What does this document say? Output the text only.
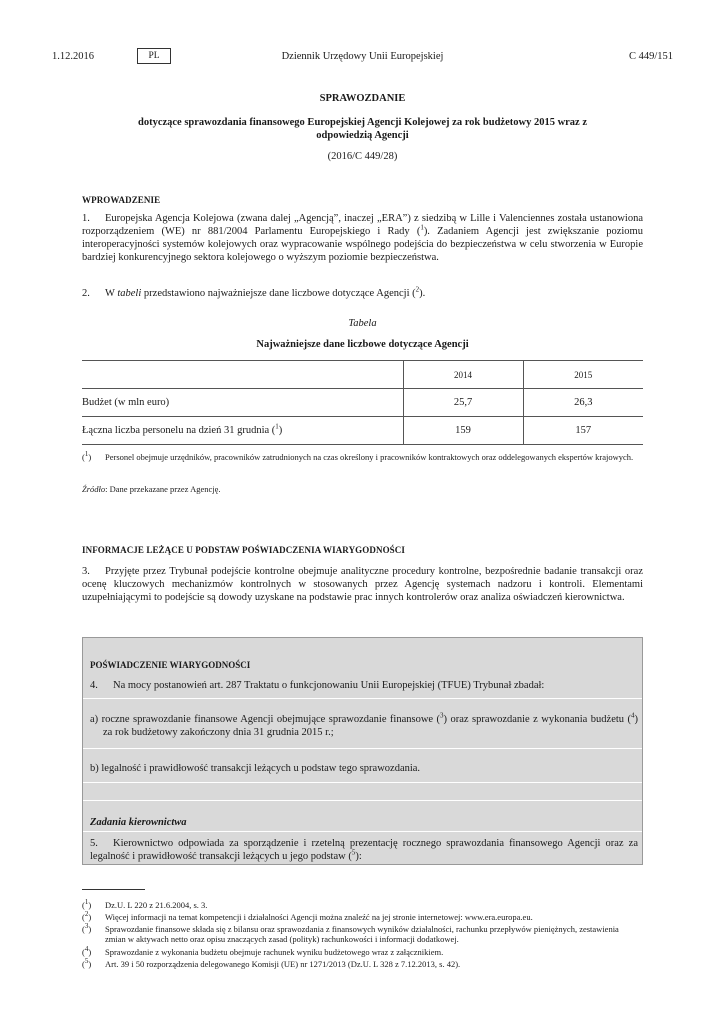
1.12.2016	PL	Dziennik Urzędowy Unii Europejskiej	C 449/151
SPRAWOZDANIE
dotyczące sprawozdania finansowego Europejskiej Agencji Kolejowej za rok budżetowy 2015 wraz z odpowiedzią Agencji
(2016/C 449/28)
WPROWADZENIE
1. Europejska Agencja Kolejowa (zwana dalej „Agencją”, inaczej „ERA”) z siedzibą w Lille i Valenciennes została ustanowiona rozporządzeniem (WE) nr 881/2004 Parlamentu Europejskiego i Rady ($^1$). Zadaniem Agencji jest zwiększanie poziomu interoperacyjności systemów kolejowych oraz wypracowanie wspólnego podejścia do bezpieczeństwa w celu stworzenia w Europie bardziej konkurencyjnego sektora kolejowego o wyższym poziomie bezpieczeństwa.
2. W tabeli przedstawiono najważniejsze dane liczbowe dotyczące Agencji ($^2$).
Tabela
Najważniejsze dane liczbowe dotyczące Agencji
	2014	2015
Budżet (w mln euro)	25,7	26,3
Łączna liczba personelu na dzień 31 grudnia ($^1$)	159	157
($^1$) Personel obejmuje urzędników, pracowników zatrudnionych na czas określony i pracowników kontraktowych oraz oddelegowanych ekspertów krajowych.
Źródło: Dane przekazane przez Agencję.
INFORMACJE LEŻĄCE U PODSTAW POŚWIADCZENIA WIARYGODNOŚCI
3. Przyjęte przez Trybunał podejście kontrolne obejmuje analityczne procedury kontrolne, bezpośrednie badanie transakcji oraz ocenę kluczowych mechanizmów kontrolnych w stosowanych przez Agencję systemach nadzoru i kontroli. Elementami uzupełniającymi to podejście są dowody uzyskane na podstawie prac innych kontrolerów oraz analiza oświadczeń kierownictwa.
POŚWIADCZENIE WIARYGODNOŚCI
4. Na mocy postanowień art. 287 Traktatu o funkcjonowaniu Unii Europejskiej (TFUE) Trybunał zbadał:
a) roczne sprawozdanie finansowe Agencji obejmujące sprawozdanie finansowe ($^3$) oraz sprawozdanie z wykonania budżetu ($^4$) za rok budżetowy zakończony dnia 31 grudnia 2015 r.;
b) legalność i prawidłowość transakcji leżących u podstaw tego sprawozdania.
Zadania kierownictwa
5. Kierownictwo odpowiada za sporządzenie i rzetelną prezentację rocznego sprawozdania finansowego Agencji oraz za legalność i prawidłowość transakcji leżących u jego podstaw ($^5$):
($^1$) Dz.U. L 220 z 21.6.2004, s. 3.
($^2$) Więcej informacji na temat kompetencji i działalności Agencji można znaleźć na jej stronie internetowej: www.era.europa.eu.
($^3$) Sprawozdanie finansowe składa się z bilansu oraz sprawozdania z finansowych wyników działalności, rachunku przepływów pieniężnych, zestawienia zmian w aktywach netto oraz opisu znaczących zasad (polityk) rachunkowości i informacji dodatkowej.
($^4$) Sprawozdanie z wykonania budżetu obejmuje rachunek wyniku budżetowego wraz z załącznikiem.
($^5$) Art. 39 i 50 rozporządzenia delegowanego Komisji (UE) nr 1271/2013 (Dz.U. L 328 z 7.12.2013, s. 42).
